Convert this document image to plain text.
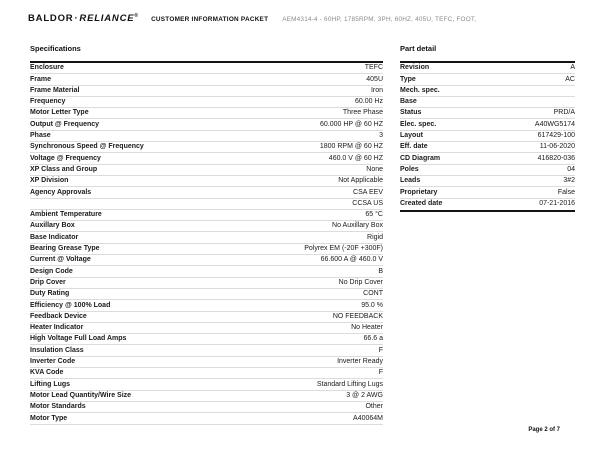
BALDOR·RELIANCE®
CUSTOMER INFORMATION PACKET AEM4314-4 - 60HP, 1785RPM, 3PH, 60HZ, 405U, TEFC, FOOT,
Specifications
Enclosure	TEFC
Frame	405U
Frame Material	Iron
Frequency	60.00 Hz
Motor Letter Type	Three Phase
Output @ Frequency	60.000 HP @ 60 HZ
Phase	3
Synchronous Speed @ Frequency	1800 RPM @ 60 HZ
Voltage @ Frequency	460.0 V @ 60 HZ
XP Class and Group	None
XP Division	Not Applicable
Agency Approvals	CSA EEV
CCSA US
Ambient Temperature	65 °C
Auxillary Box	No Auxillary Box
Base Indicator	Rigid
Bearing Grease Type	Polyrex EM (-20F +300F)
Current @ Voltage	66.600 A @ 460.0 V
Design Code	B
Drip Cover	No Drip Cover
Duty Rating	CONT
Efficiency @ 100% Load	95.0 %
Feedback Device	NO FEEDBACK
Heater Indicator	No Heater
High Voltage Full Load Amps	66.6 a
Insulation Class	F
Inverter Code	Inverter Ready
KVA Code	F
Lifting Lugs	Standard Lifting Lugs
Motor Lead Quantity/Wire Size	3 @ 2 AWG
Motor Standards	Other
Motor Type	A40064M
Part detail
Revision	A
Type	AC
Mech. spec.
Base
Status	PRD/A
Elec. spec.	A40WG5174
Layout	617429-100
Eff. date	11-06-2020
CD Diagram	416820-036
Poles	04
Leads	3#2
Proprietary	False
Created date	07-21-2016
Page 2 of 7
